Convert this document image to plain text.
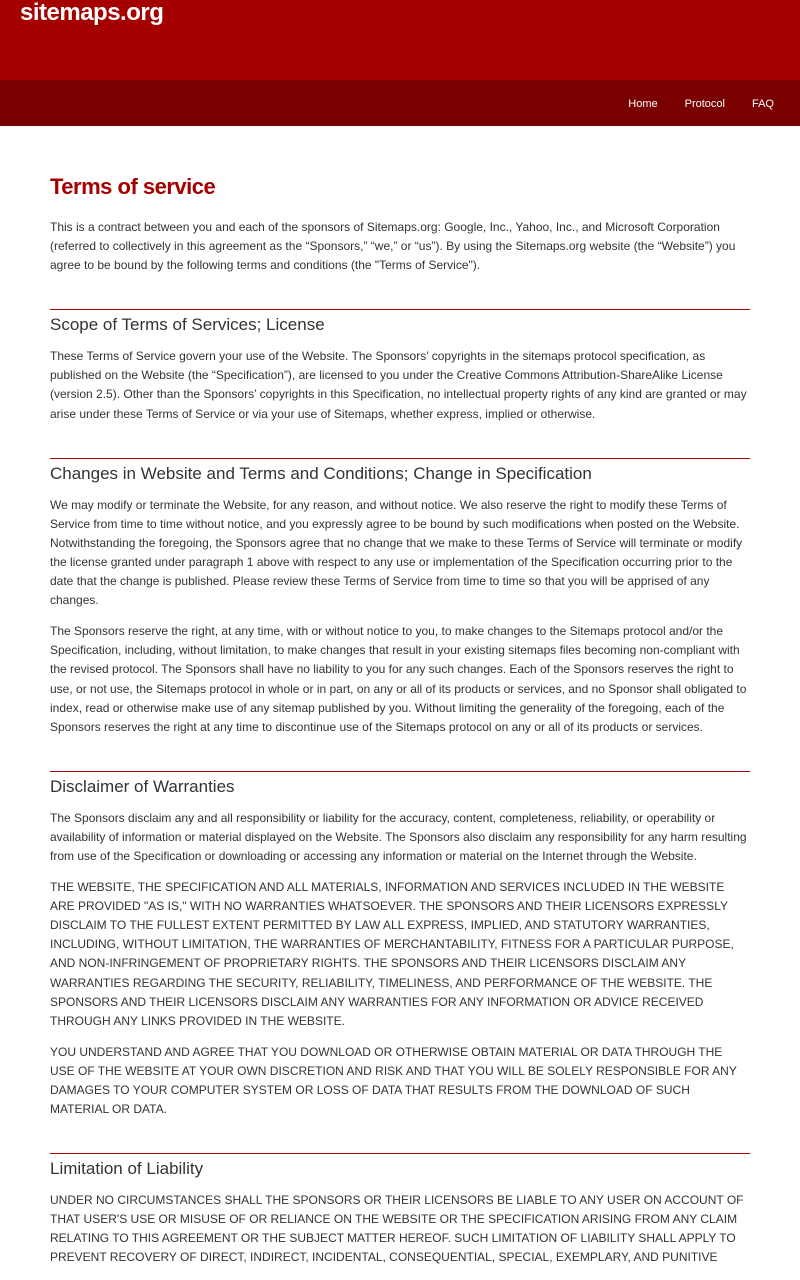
sitemaps.org
Home	Protocol	FAQ
Terms of service

This is a contract between you and each of the sponsors of Sitemaps.org: Google, Inc., Yahoo, Inc., and Microsoft Corporation (referred to collectively in this agreement as the “Sponsors,” “we,” or “us”). By using the Sitemaps.org website (the “Website”) you agree to be bound by the following terms and conditions (the "Terms of Service").

Scope of Terms of Services; License

These Terms of Service govern your use of the Website. The Sponsors’ copyrights in the sitemaps protocol specification, as published on the Website (the “Specification”), are licensed to you under the Creative Commons Attribution-ShareAlike License (version 2.5). Other than the Sponsors’ copyrights in this Specification, no intellectual property rights of any kind are granted or may arise under these Terms of Service or via your use of Sitemaps, whether express, implied or otherwise.

Changes in Website and Terms and Conditions; Change in Specification

We may modify or terminate the Website, for any reason, and without notice. We also reserve the right to modify these Terms of Service from time to time without notice, and you expressly agree to be bound by such modifications when posted on the Website. Notwithstanding the foregoing, the Sponsors agree that no change that we make to these Terms of Service will terminate or modify the license granted under paragraph 1 above with respect to any use or implementation of the Specification occurring prior to the date that the change is published. Please review these Terms of Service from time to time so that you will be apprised of any changes.

The Sponsors reserve the right, at any time, with or without notice to you, to make changes to the Sitemaps protocol and/or the Specification, including, without limitation, to make changes that result in your existing sitemaps files becoming non-compliant with the revised protocol. The Sponsors shall have no liability to you for any such changes. Each of the Sponsors reserves the right to use, or not use, the Sitemaps protocol in whole or in part, on any or all of its products or services, and no Sponsor shall obligated to index, read or otherwise make use of any sitemap published by you. Without limiting the generality of the foregoing, each of the Sponsors reserves the right at any time to discontinue use of the Sitemaps protocol on any or all of its products or services.

Disclaimer of Warranties

The Sponsors disclaim any and all responsibility or liability for the accuracy, content, completeness, reliability, or operability or availability of information or material displayed on the Website. The Sponsors also disclaim any responsibility for any harm resulting from use of the Specification or downloading or accessing any information or material on the Internet through the Website.

THE WEBSITE, THE SPECIFICATION AND ALL MATERIALS, INFORMATION AND SERVICES INCLUDED IN THE WEBSITE ARE PROVIDED "AS IS," WITH NO WARRANTIES WHATSOEVER. THE SPONSORS AND THEIR LICENSORS EXPRESSLY DISCLAIM TO THE FULLEST EXTENT PERMITTED BY LAW ALL EXPRESS, IMPLIED, AND STATUTORY WARRANTIES, INCLUDING, WITHOUT LIMITATION, THE WARRANTIES OF MERCHANTABILITY, FITNESS FOR A PARTICULAR PURPOSE, AND NON-INFRINGEMENT OF PROPRIETARY RIGHTS. THE SPONSORS AND THEIR LICENSORS DISCLAIM ANY WARRANTIES REGARDING THE SECURITY, RELIABILITY, TIMELINESS, AND PERFORMANCE OF THE WEBSITE. THE SPONSORS AND THEIR LICENSORS DISCLAIM ANY WARRANTIES FOR ANY INFORMATION OR ADVICE RECEIVED THROUGH ANY LINKS PROVIDED IN THE WEBSITE.

YOU UNDERSTAND AND AGREE THAT YOU DOWNLOAD OR OTHERWISE OBTAIN MATERIAL OR DATA THROUGH THE USE OF THE WEBSITE AT YOUR OWN DISCRETION AND RISK AND THAT YOU WILL BE SOLELY RESPONSIBLE FOR ANY DAMAGES TO YOUR COMPUTER SYSTEM OR LOSS OF DATA THAT RESULTS FROM THE DOWNLOAD OF SUCH MATERIAL OR DATA.

Limitation of Liability

UNDER NO CIRCUMSTANCES SHALL THE SPONSORS OR THEIR LICENSORS BE LIABLE TO ANY USER ON ACCOUNT OF THAT USER'S USE OR MISUSE OF OR RELIANCE ON THE WEBSITE OR THE SPECIFICATION ARISING FROM ANY CLAIM RELATING TO THIS AGREEMENT OR THE SUBJECT MATTER HEREOF. SUCH LIMITATION OF LIABILITY SHALL APPLY TO PREVENT RECOVERY OF DIRECT, INDIRECT, INCIDENTAL, CONSEQUENTIAL, SPECIAL, EXEMPLARY, AND PUNITIVE
